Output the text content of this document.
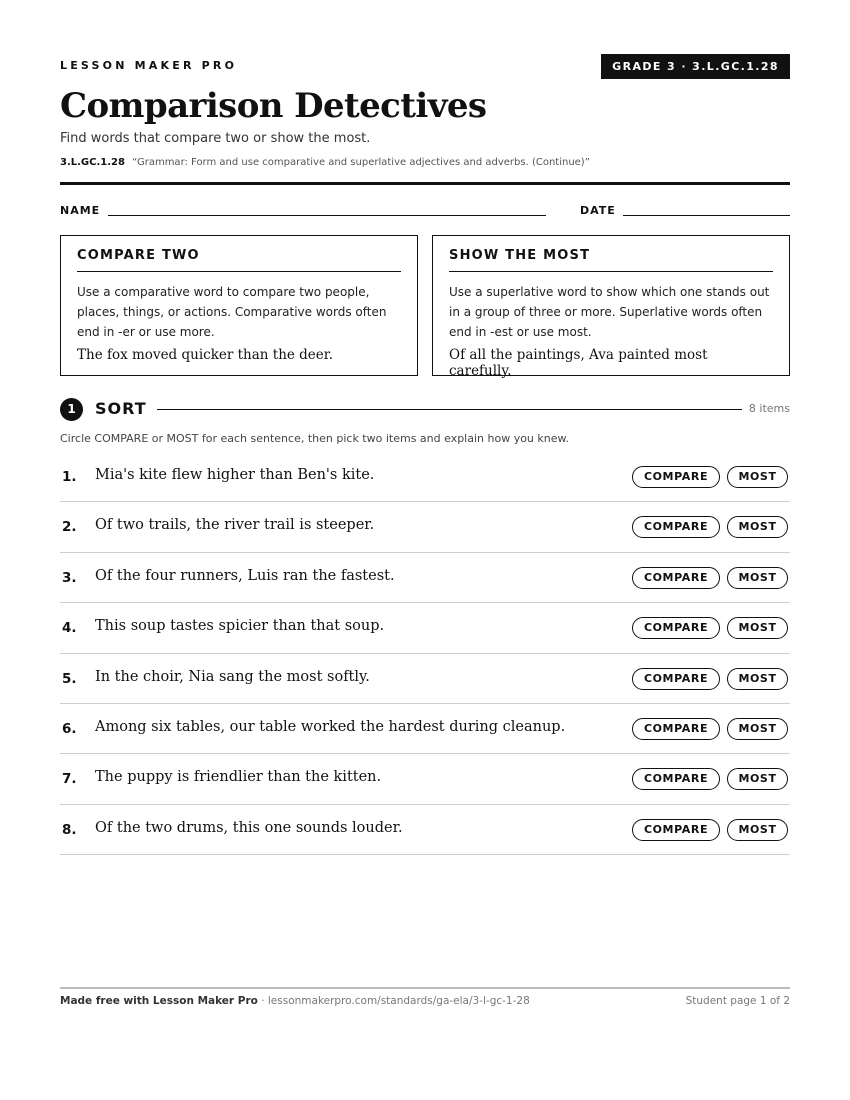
LESSON MAKER PRO	GRADE 3 · 3.L.GC.1.28
Comparison Detectives
Find words that compare two or show the most.
3.L.GC.1.28 “Grammar: Form and use comparative and superlative adjectives and adverbs. (Continue)”
NAME	DATE
COMPARE TWO
Use a comparative word to compare two people, places, things, or actions. Comparative words often end in -er or use more.
The fox moved quicker than the deer.
SHOW THE MOST
Use a superlative word to show which one stands out in a group of three or more. Superlative words often end in -est or use most.
Of all the paintings, Ava painted most carefully.
1	SORT	8 items
Circle COMPARE or MOST for each sentence, then pick two items and explain how you knew.
1. Mia's kite flew higher than Ben's kite.	COMPARE	MOST
2. Of two trails, the river trail is steeper.	COMPARE	MOST
3. Of the four runners, Luis ran the fastest.	COMPARE	MOST
4. This soup tastes spicier than that soup.	COMPARE	MOST
5. In the choir, Nia sang the most softly.	COMPARE	MOST
6. Among six tables, our table worked the hardest during cleanup.	COMPARE	MOST
7. The puppy is friendlier than the kitten.	COMPARE	MOST
8. Of the two drums, this one sounds louder.	COMPARE	MOST
Made free with Lesson Maker Pro · lessonmakerpro.com/standards/ga-ela/3-l-gc-1-28	Student page 1 of 2
